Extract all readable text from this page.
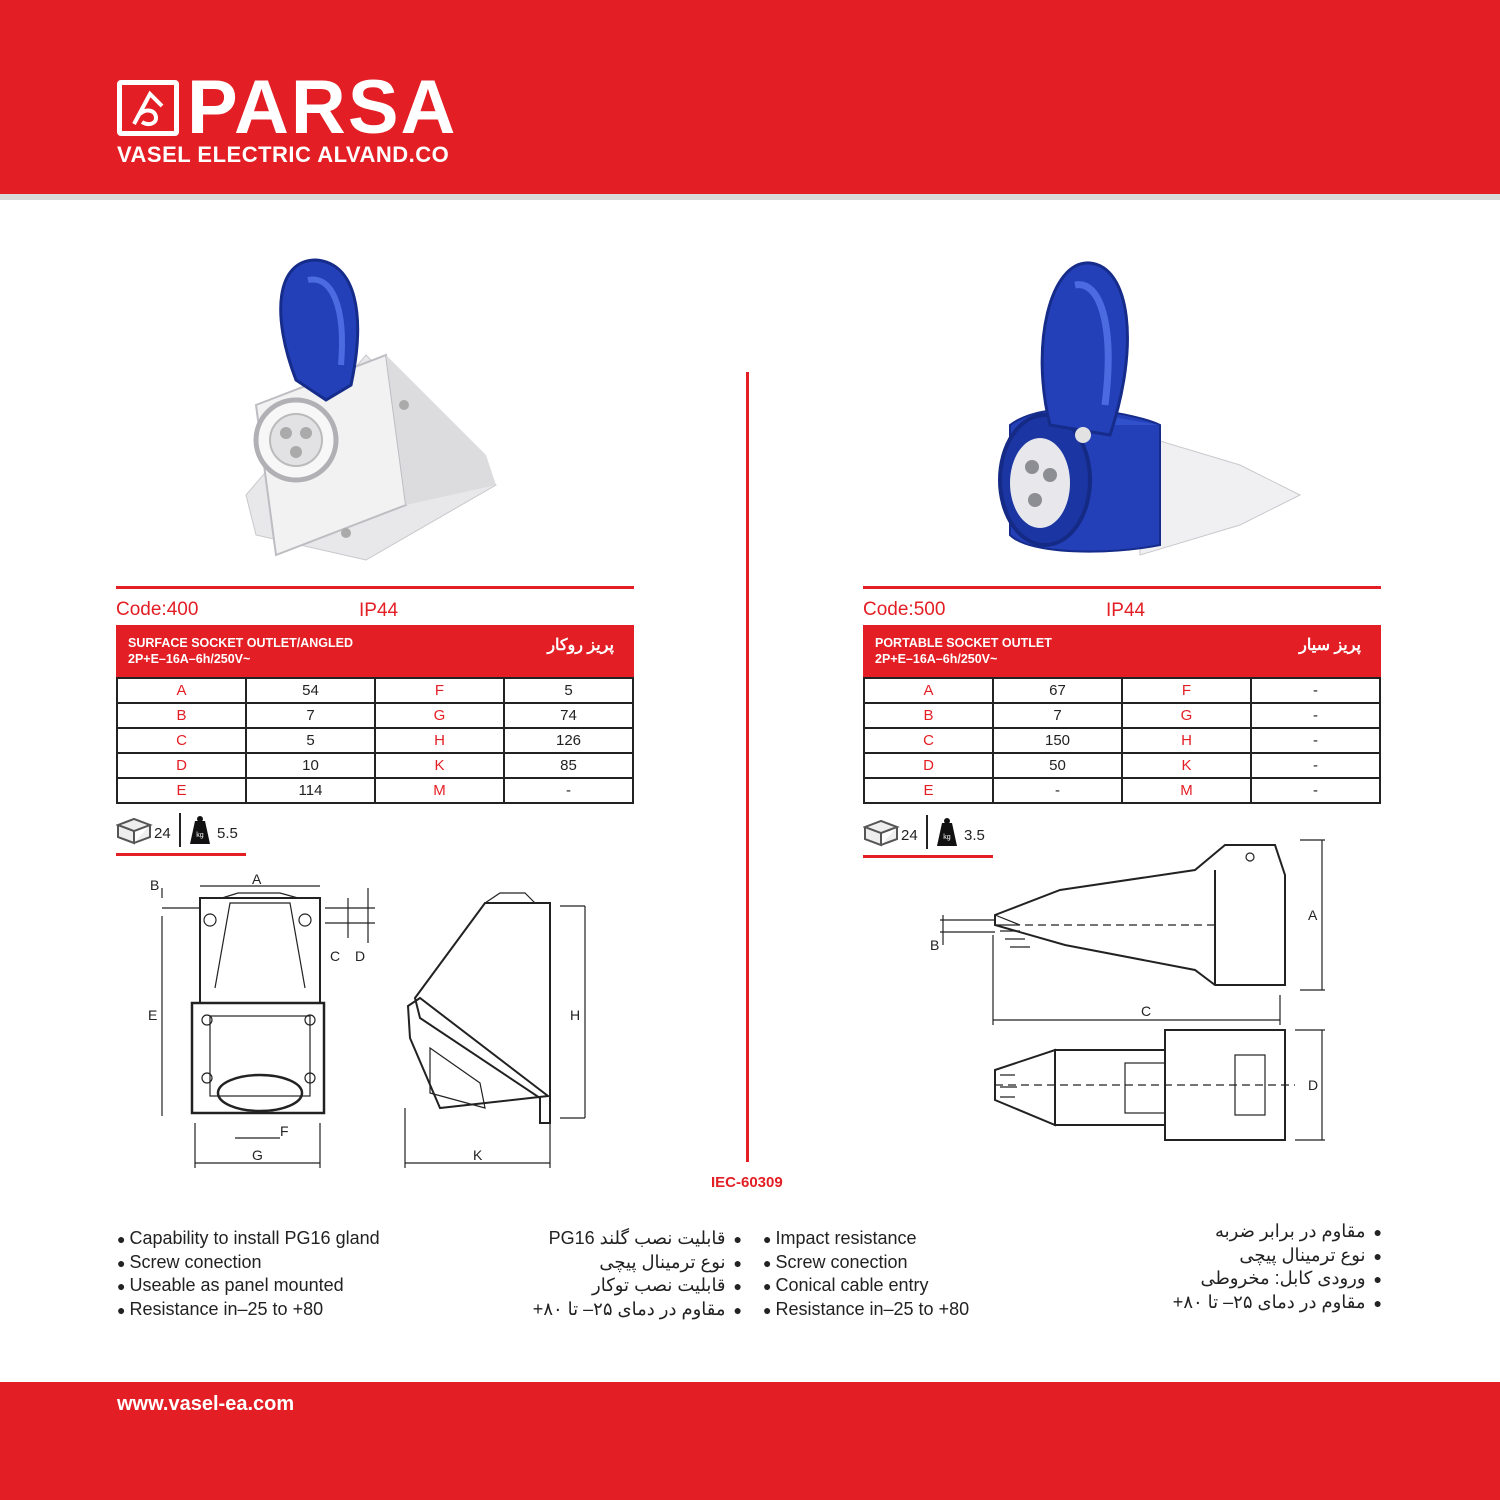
PARSA
VASEL ELECTRIC ALVAND.CO
Code:400	IP44
SURFACE SOCKET OUTLET/ANGLED
2P+E–16A–6h/250V~
پریز روکار
A	54	F	5
B	7	G	74
C	5	H	126
D	10	K	85
E	114	M	-
Code:500	IP44
PORTABLE SOCKET OUTLET
2P+E–16A–6h/250V~
پریز سیار
A	67	F	-
B	7	G	-
C	150	H	-
D	50	K	-
E	-	M	-
24	kg 5.5	24	kg 3.5
A
B
C D
E
F
G
H
K
A
B
C
D
IEC-60309
● Capability to install PG16 gland
● Screw conection
● Useable as panel mounted
● Resistance in–25 to +80
●قابلیت نصب گلند PG16
●نوع ترمینال پیچی
●قابلیت نصب توکار
●مقاوم در دمای ۲۵– تا ۸۰+
● Impact resistance
● Screw conection
● Conical cable entry
● Resistance in–25 to +80
●مقاوم در برابر ضربه
●نوع ترمینال پیچی
●ورودی کابل: مخروطی
●مقاوم در دمای ۲۵– تا ۸۰+
www.vasel-ea.com
